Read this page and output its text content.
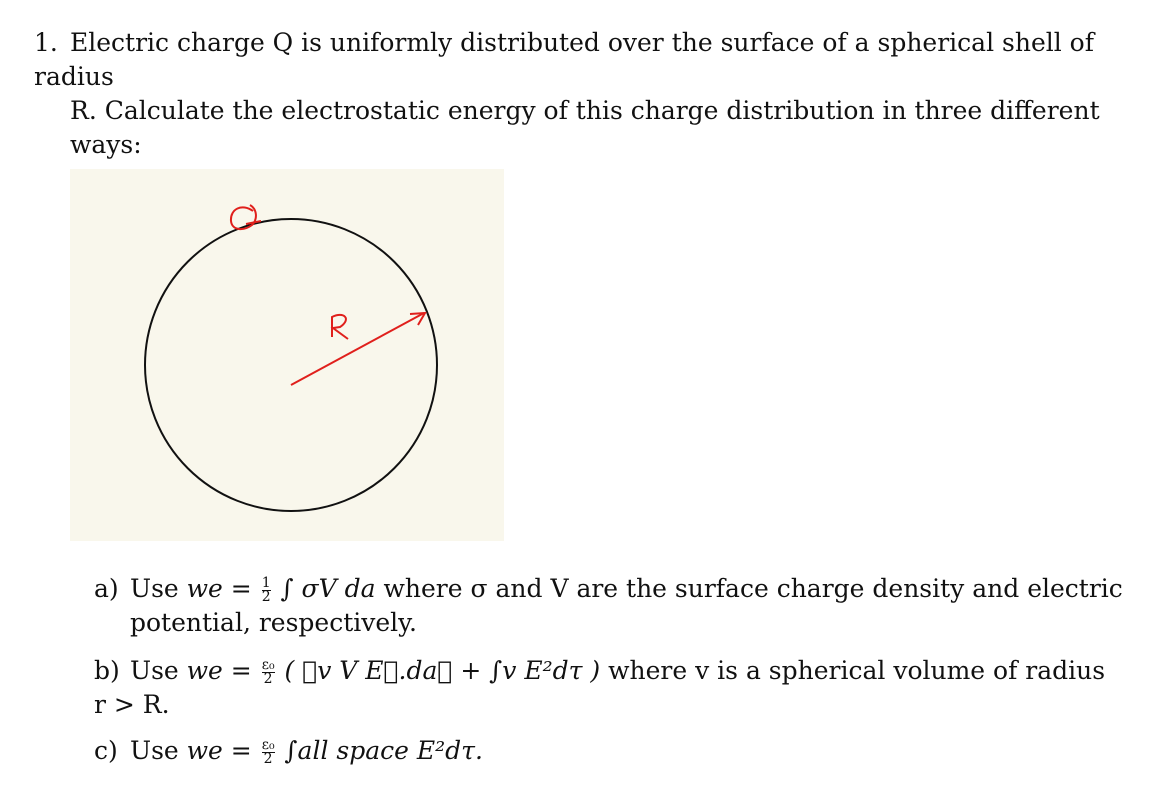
1. Electric charge Q is uniformly distributed over the surface of a spherical shell of radius
R. Calculate the electrostatic energy of this charge distribution in three different ways:
a) Use we = $\frac{1}{2}$ ∫ σV da where σ and V are the surface charge density and electric
potential, respectively.
b) Use we = $\frac{\text{ε₀}}{2}$ ( ∮v V E⃗.da⃗ + ∫v E²dτ ) where v is a spherical volume of radius r > R.
c) Use we = $\frac{\text{ε₀}}{2} \int all$ space E²dτ.
